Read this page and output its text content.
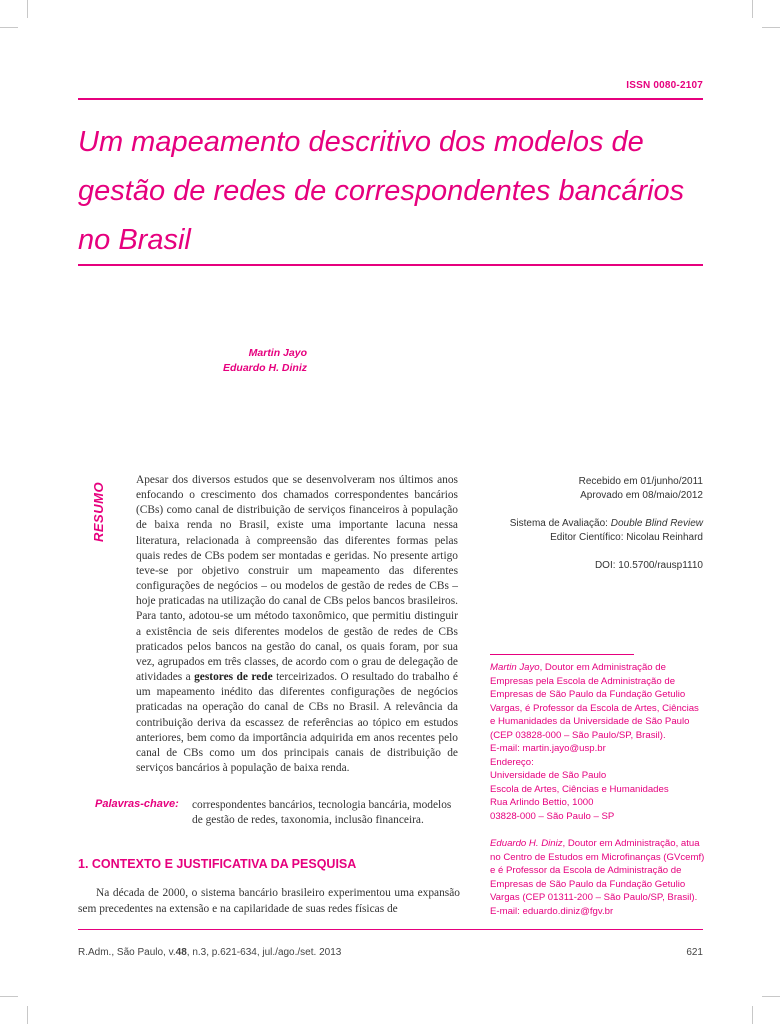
ISSN 0080-2107
Um mapeamento descritivo dos modelos de
gestão de redes de correspondentes bancários
no Brasil
Martin Jayo
Eduardo H. Diniz
RESUMO

Apesar dos diversos estudos que se desenvolveram nos últimos anos enfocando o crescimento dos chamados correspondentes bancários (CBs) como canal de distribuição de serviços financeiros à população de baixa renda no Brasil, existe uma importante lacuna nessa literatura, relacionada à compreensão das diferentes formas pelas quais redes de CBs podem ser montadas e geridas. No presente artigo teve-se por objetivo construir um mapeamento das diferentes configurações de negócios – ou modelos de gestão de redes de CBs – hoje praticadas na utilização do canal de CBs pelos bancos brasileiros. Para tanto, adotou-se um método taxonômico, que permitiu distinguir a existência de seis diferentes modelos de gestão de redes de CBs praticados pelos bancos na gestão do canal, os quais foram, por sua vez, agrupados em três classes, de acordo com o grau de delegação de atividades a gestores de rede terceirizados. O resultado do trabalho é um mapeamento inédito das diferentes configurações de negócios praticadas na operação do canal de CBs no Brasil. A relevância da contribuição deriva da escassez de referências ao tópico em estudos anteriores, bem como da importância adquirida em anos recentes pelo canal de CBs como um dos principais canais de distribuição de serviços bancários à população de baixa renda.

Palavras-chave: correspondentes bancários, tecnologia bancária, modelos de gestão de redes, taxonomia, inclusão financeira.

1. CONTEXTO E JUSTIFICATIVA DA PESQUISA

Na década de 2000, o sistema bancário brasileiro experimentou uma expansão sem precedentes na extensão e na capilaridade de suas redes físicas de

Recebido em 01/junho/2011
Aprovado em 08/maio/2012
Sistema de Avaliação: Double Blind Review
Editor Científico: Nicolau Reinhard
DOI: 10.5700/rausp1110

Martin Jayo, Doutor em Administração de Empresas pela Escola de Administração de Empresas de São Paulo da Fundação Getulio Vargas, é Professor da Escola de Artes, Ciências e Humanidades da Universidade de São Paulo (CEP 03828-000 – São Paulo/SP, Brasil).
E-mail: martin.jayo@usp.br
Endereço:
Universidade de São Paulo
Escola de Artes, Ciências e Humanidades
Rua Arlindo Bettio, 1000
03828-000 – São Paulo – SP

Eduardo H. Diniz, Doutor em Administração, atua no Centro de Estudos em Microfinanças (GVcemf) e é Professor da Escola de Administração de Empresas de São Paulo da Fundação Getulio Vargas (CEP 01311-200 – São Paulo/SP, Brasil).
E-mail: eduardo.diniz@fgv.br

R.Adm., São Paulo, v.48, n.3, p.621-634, jul./ago./set. 2013	621
